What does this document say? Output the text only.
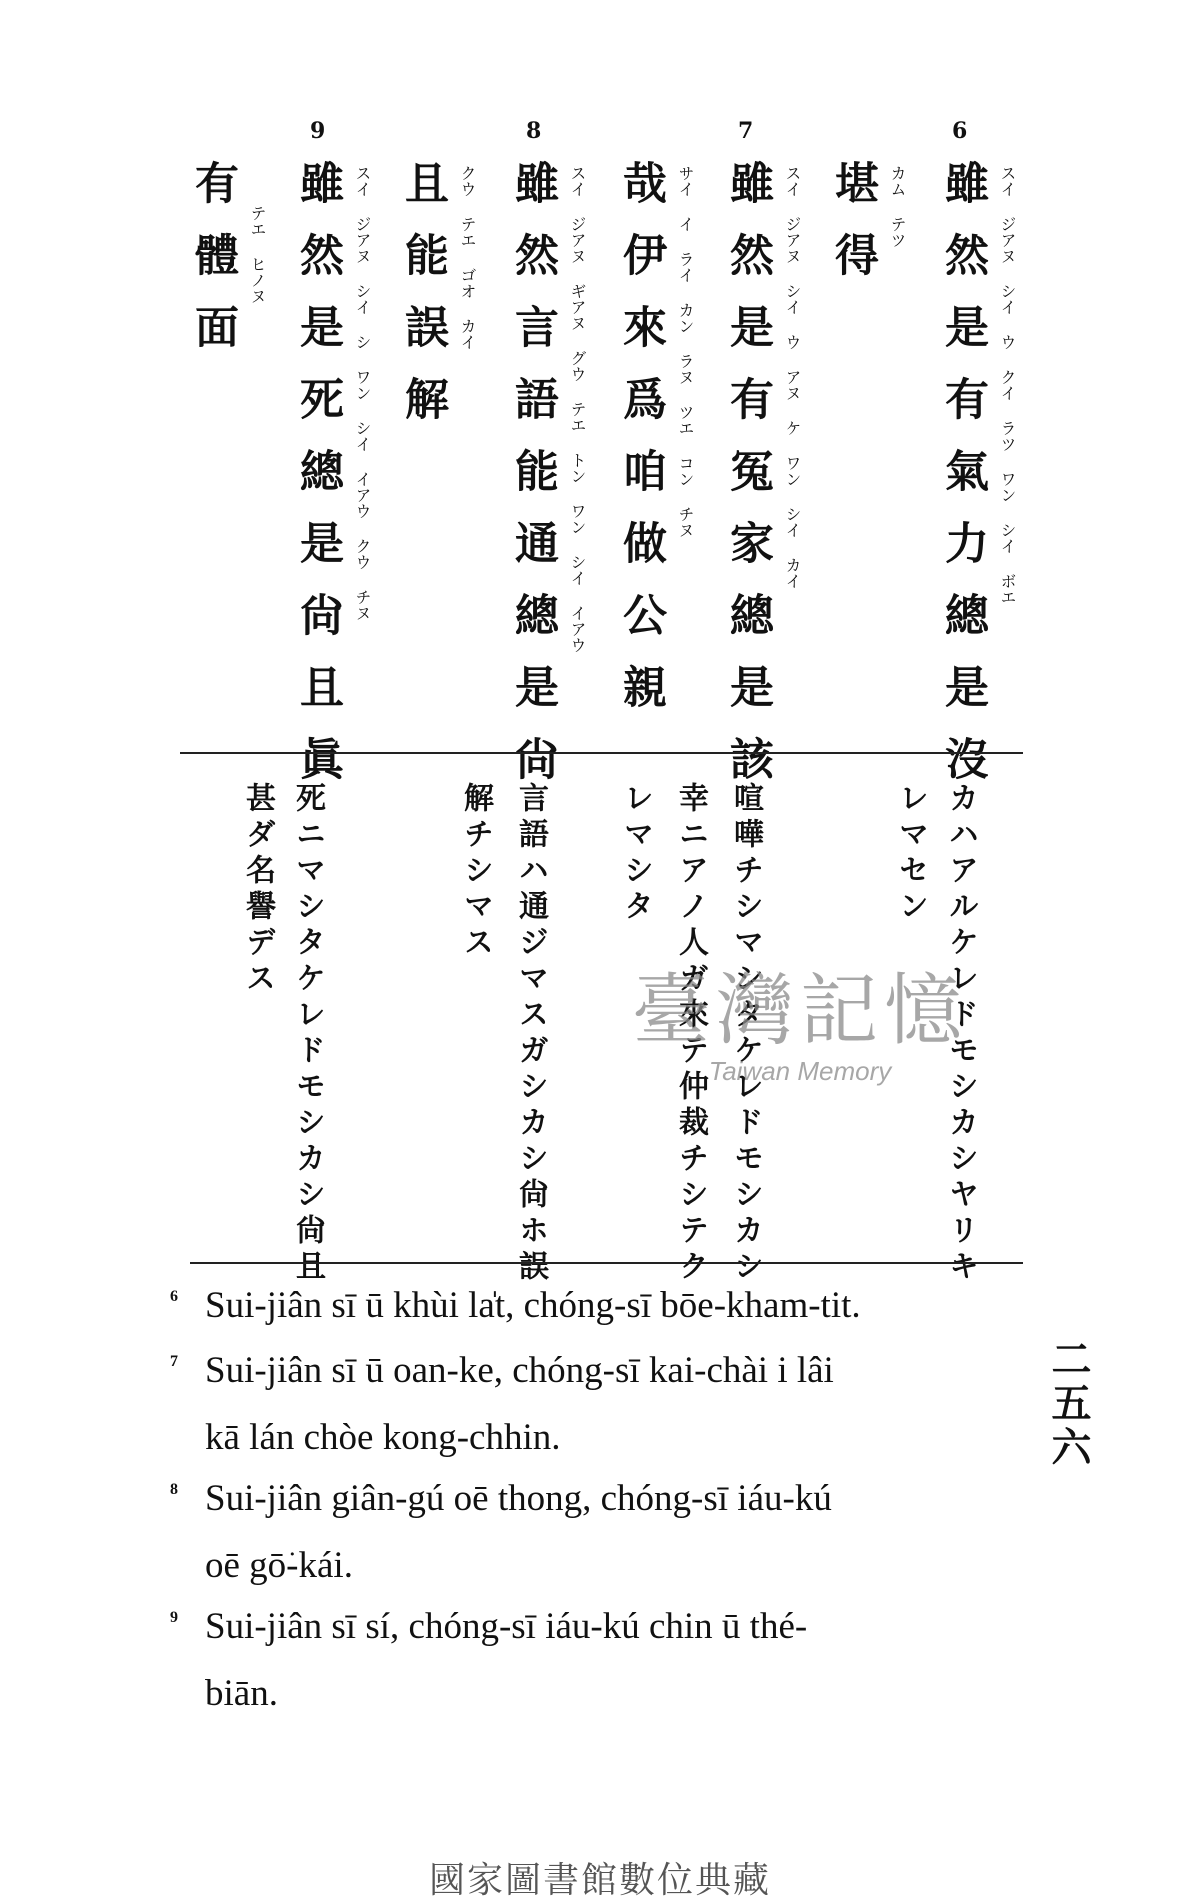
9	8	7	6
雖然是有氣力總是沒
堪得
雖然是有冤家總是該
哉伊來爲咱做公親
雖然言語能通總是尙
且能誤解
雖然是死總是尙且眞
有體面	スイ ジアヌ シイ ウ クイ ラツ ワン シイ ボエ
カム テツ
スイ ジアヌ シイ ウ アヌ ケ ワン シイ カイ
サイ イ ライ カン ラヌ ツエ コン チヌ
スイ ジアヌ ギアヌ グウ テエ トン ワン シイ イアウ
クウ テエ ゴオ カイ
スイ ジアヌ シイ シ ワン シイ イアウ クウ チヌ
テエ ヒノヌ
カハアルケレドモシカシヤリキ
レマセン
喧嘩チシマシタケレドモシカシ
幸ニアノ人ガ來テ仲裁チシテク
レマシタ
言語ハ通ジマスガシカシ尙ホ誤
解チシマス
死ニマシタケレドモシカシ尙且
甚ダ名譽デス
臺灣記憶
Taiwan Memory
6 Sui-jiân sī ū khùi la̍t, chóng-sī bōe-kham-tit.
7 Sui-jiân sī ū oan-ke, chóng-sī kai-chài i lâi
kā lán chòe kong-chhin.
8 Sui-jiân giân-gú oē thong, chóng-sī iáu-kú
oē gō͘-kái.
9 Sui-jiân sī sí, chóng-sī iáu-kú chin ū thé-
biān.
二五六
國家圖書館數位典藏
